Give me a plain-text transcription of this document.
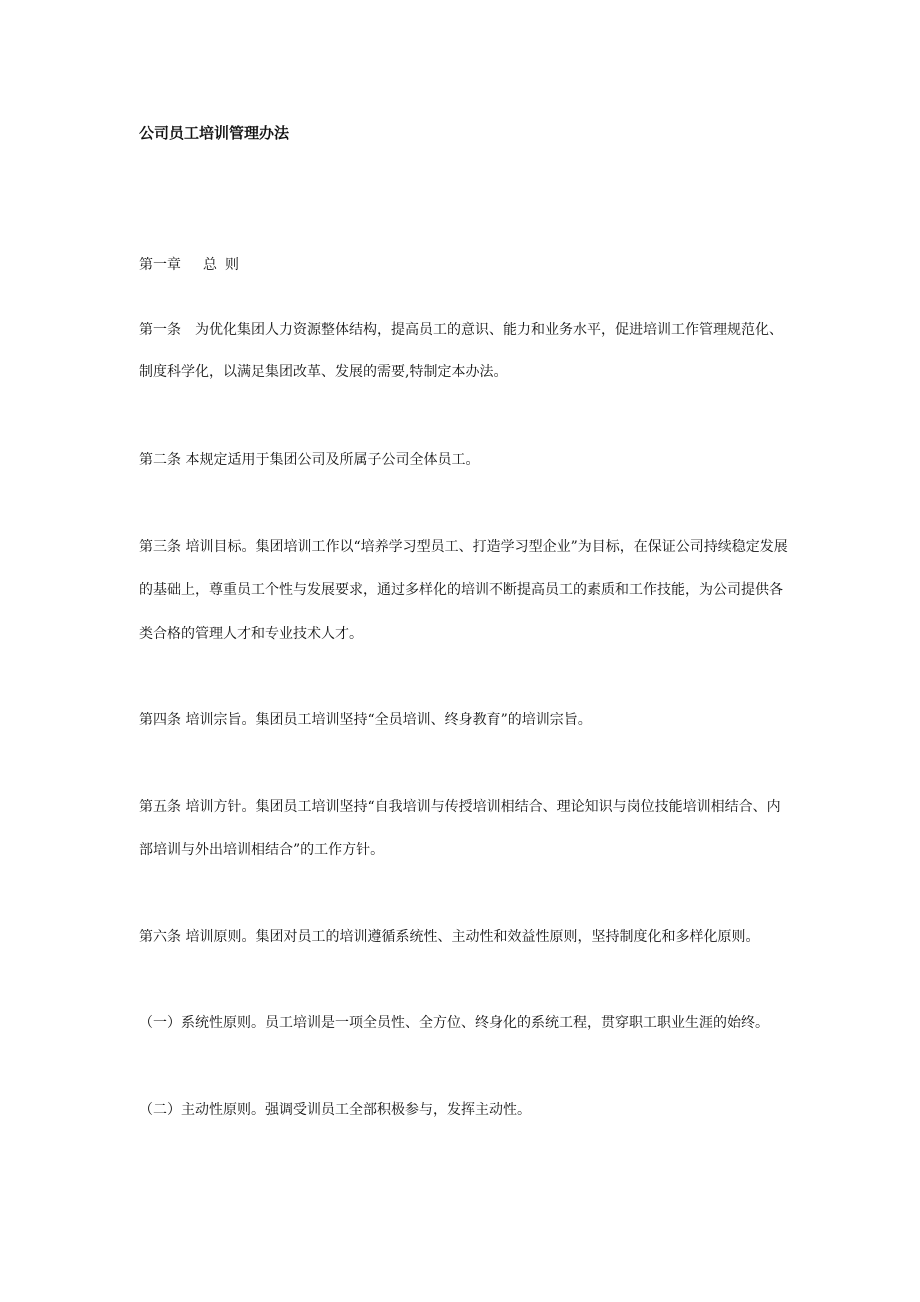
公司员工培训管理办法

第一章 总 则

第一条　为优化集团人力资源整体结构，提高员工的意识、能力和业务水平，促进培训工作管理规范化、

制度科学化，以满足集团改革、发展的需要,特制定本办法。

第二条 本规定适用于集团公司及所属子公司全体员工。

第三条 培训目标。集团培训工作以“培养学习型员工、打造学习型企业”为目标，在保证公司持续稳定发展

的基础上，尊重员工个性与发展要求，通过多样化的培训不断提高员工的素质和工作技能，为公司提供各

类合格的管理人才和专业技术人才。

第四条 培训宗旨。集团员工培训坚持“全员培训、终身教育”的培训宗旨。

第五条 培训方针。集团员工培训坚持“自我培训与传授培训相结合、理论知识与岗位技能培训相结合、内

部培训与外出培训相结合”的工作方针。

第六条 培训原则。集团对员工的培训遵循系统性、主动性和效益性原则，坚持制度化和多样化原则。

（一）系统性原则。员工培训是一项全员性、全方位、终身化的系统工程，贯穿职工职业生涯的始终。

（二）主动性原则。强调受训员工全部积极参与，发挥主动性。
